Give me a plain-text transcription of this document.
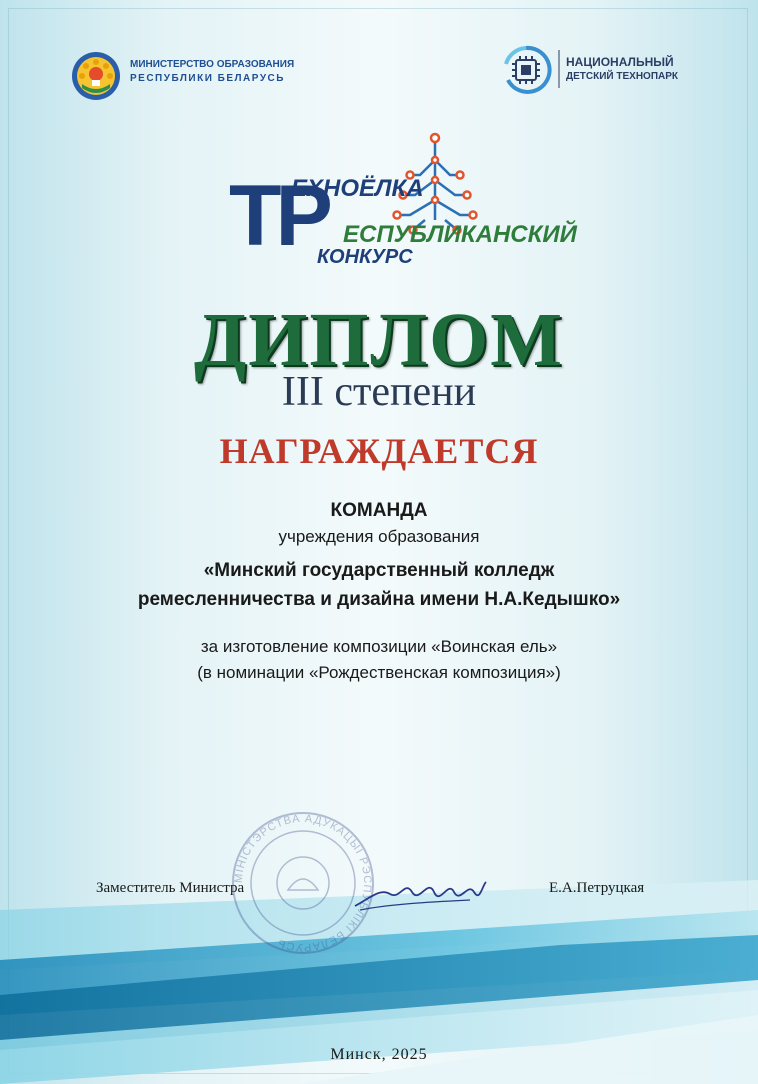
МИНИСТЕРСТВО ОБРАЗОВАНИЯ
РЕСПУБЛИКИ БЕЛАРУСЬ
НАЦИОНАЛЬНЫЙ
ДЕТСКИЙ ТЕХНОПАРК
ТР
ЕХНОЁЛКА
ЕСПУБЛИКАНСКИЙ
КОНКУРС
ДИПЛОМ
III степени
НАГРАЖДАЕТСЯ
КОМАНДА
учреждения образования
«Минский государственный колледж
ремесленничества и дизайна имени Н.А.Кедышко»
за изготовление композиции «Воинская ель»
(в номинации «Рождественская композиция»)
МІНІСТЭРСТВА АДУКАЦЫІ РЭСПУБЛІКІ БЕЛАРУСЬ
Заместитель Министра	Е.А.Петруцкая
Минск, 2025
